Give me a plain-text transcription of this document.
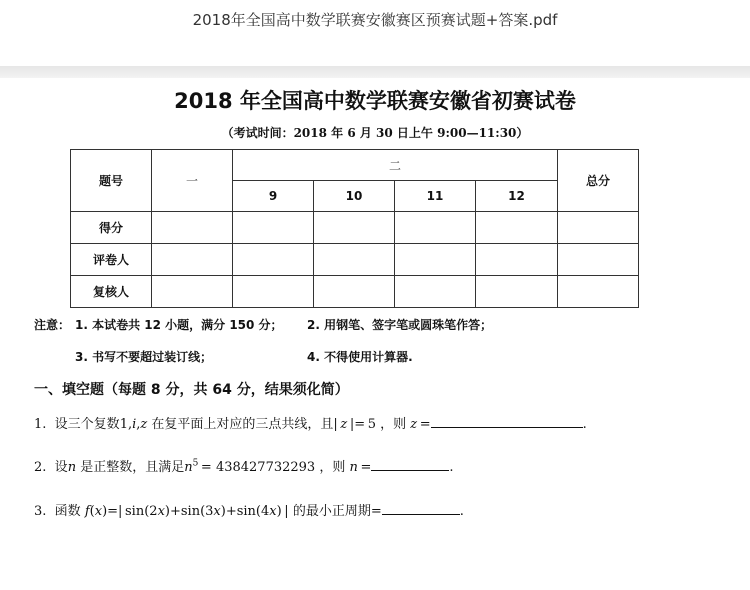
2018年全国高中数学联赛安徽赛区预赛试题+答案.pdf
2018 年全国高中数学联赛安徽省初赛试卷
（考试时间：2018 年 6 月 30 日上午 9:00—11:30）
题号	一	二				总分
		9	10	11	12	
得分						
评卷人						
复核人						
注意： 1. 本试卷共 12 小题，满分 150 分； 2. 用钢笔、签字笔或圆珠笔作答；
3. 书写不要超过装订线；	4. 不得使用计算器.
一、填空题（每题 8 分，共 64 分，结果须化简）
1. 设三个复数1,i,z 在复平面上对应的三点共线，且| z |= 5 ，则 z =	.
2. 设n 是正整数，且满足$n^5 = 438427732293$ ，则 n =	.
3. 函数 f(x)=| sin(2x)+sin(3x)+sin(4x) | 的最小正周期=	.
